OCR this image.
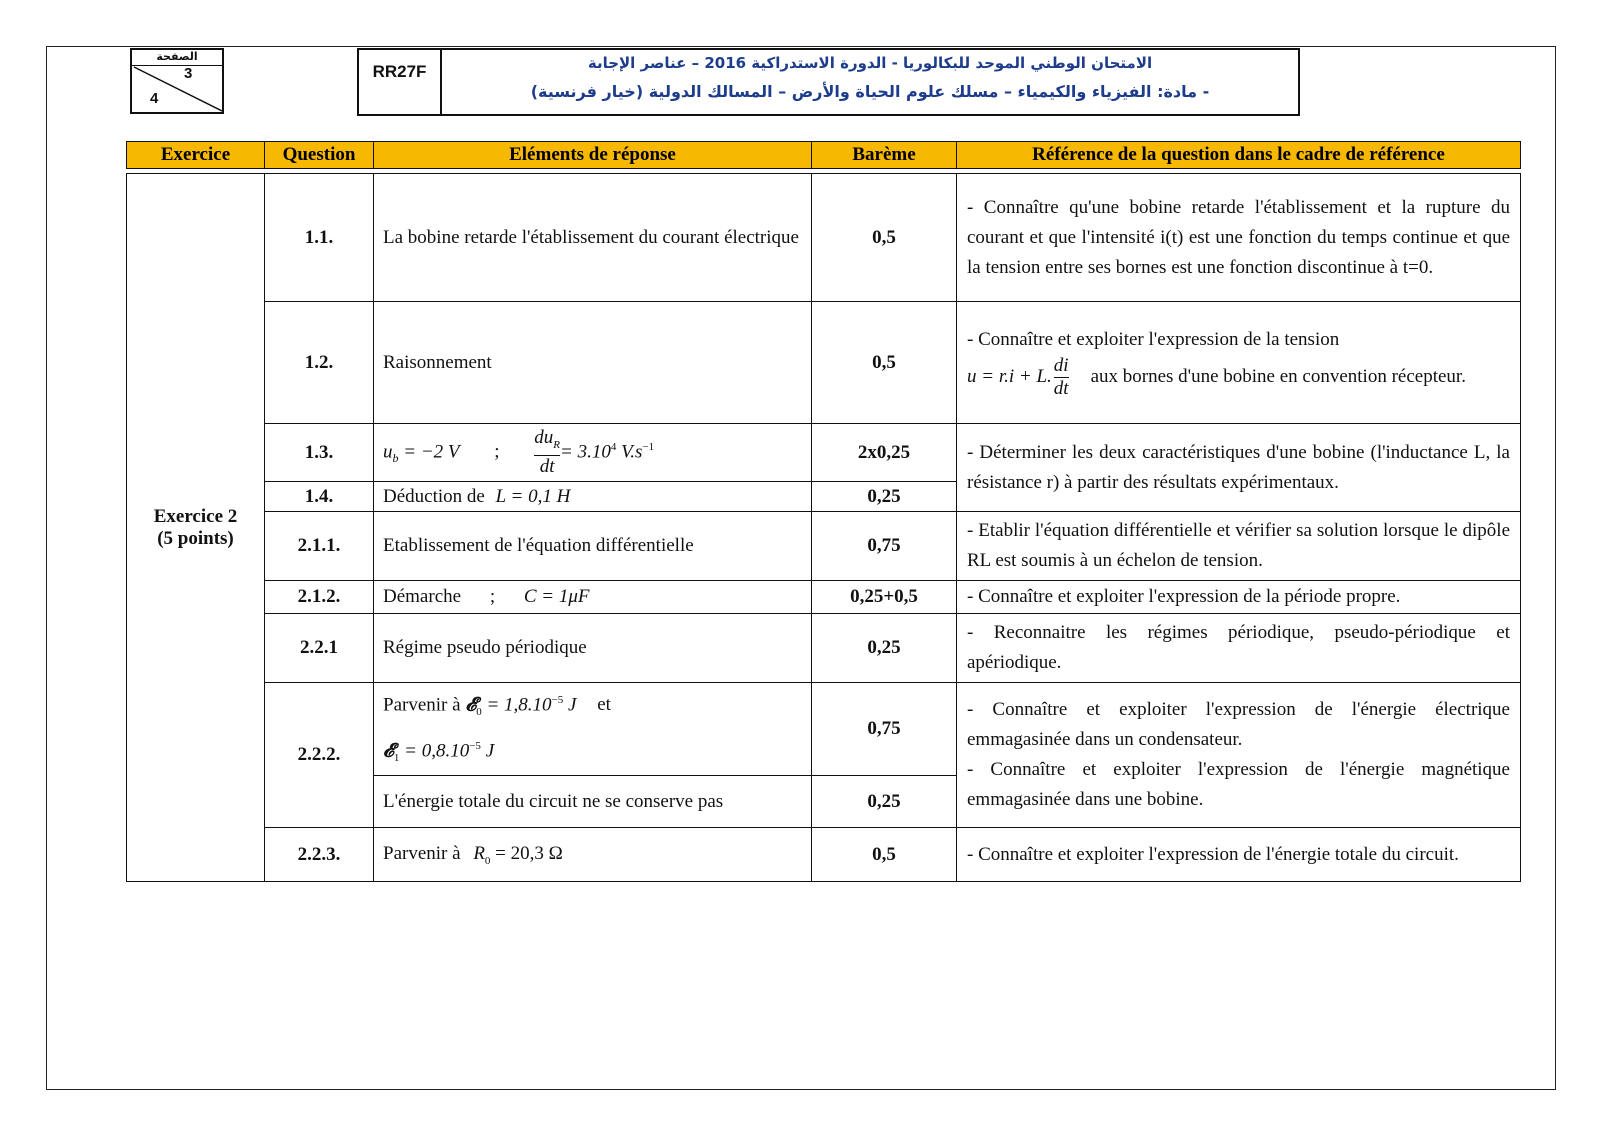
الصفحة
3
4
RR27F	الامتحان الوطني الموحد للبكالوريا - الدورة الاستدراكية 2016 – عناصر الإجابة
- مادة: الفيزياء والكيمياء – مسلك علوم الحياة والأرض – المسالك الدولية (خيار فرنسية)
Exercice	Question	Eléments de réponse	Barème	Référence de la question dans le cadre de référence

Exercice 2
(5 points)	1.1.	La bobine retarde l'établissement du courant électrique	0,5	- Connaître qu'une bobine retarde l'établissement et la rupture du courant et que l'intensité i(t) est une fonction du temps continue et que la tension entre ses bornes est une fonction discontinue à t=0.
	1.2.	Raisonnement	0,5	- Connaître et exploiter l'expression de la tension
u = r.i + L. $\frac{di}{dt}$ aux bornes d'une bobine en convention récepteur.
	1.3.	$u_b = -2$ V ;
$du_R$
dt
= $3.10^4$ $V.s^{-1}$	2x0,25	- Déterminer les deux caractéristiques d'une bobine (l'inductance L, la résistance r) à partir des résultats expérimentaux.
	1.4.	Déduction de L = 0,1 H	0,25	
	2.1.1.	Etablissement de l'équation différentielle	0,75	- Etablir l'équation différentielle et vérifier sa solution lorsque le dipôle RL est soumis à un échelon de tension.
	2.1.2.	Démarche ; C = 1μF	0,25+0,5	- Connaître et exploiter l'expression de la période propre.
	2.2.1	Régime pseudo périodique	0,25	- Reconnaitre les régimes périodique, pseudo-périodique et apériodique.
	2.2.2.	Parvenir à 𝓔$_0$ = $1,8.10^{-5}$ J et
𝓔$_1$ = $0,8.10^{-5}$ J	0,75	- Connaître et exploiter l'expression de l'énergie électrique emmagasinée dans un condensateur.
- Connaître et exploiter l'expression de l'énergie magnétique emmagasinée dans une bobine.
		L'énergie totale du circuit ne se conserve pas	0,25	
	2.2.3.	Parvenir à $R_0 = 20,3$ Ω	0,5	- Connaître et exploiter l'expression de l'énergie totale du circuit.
